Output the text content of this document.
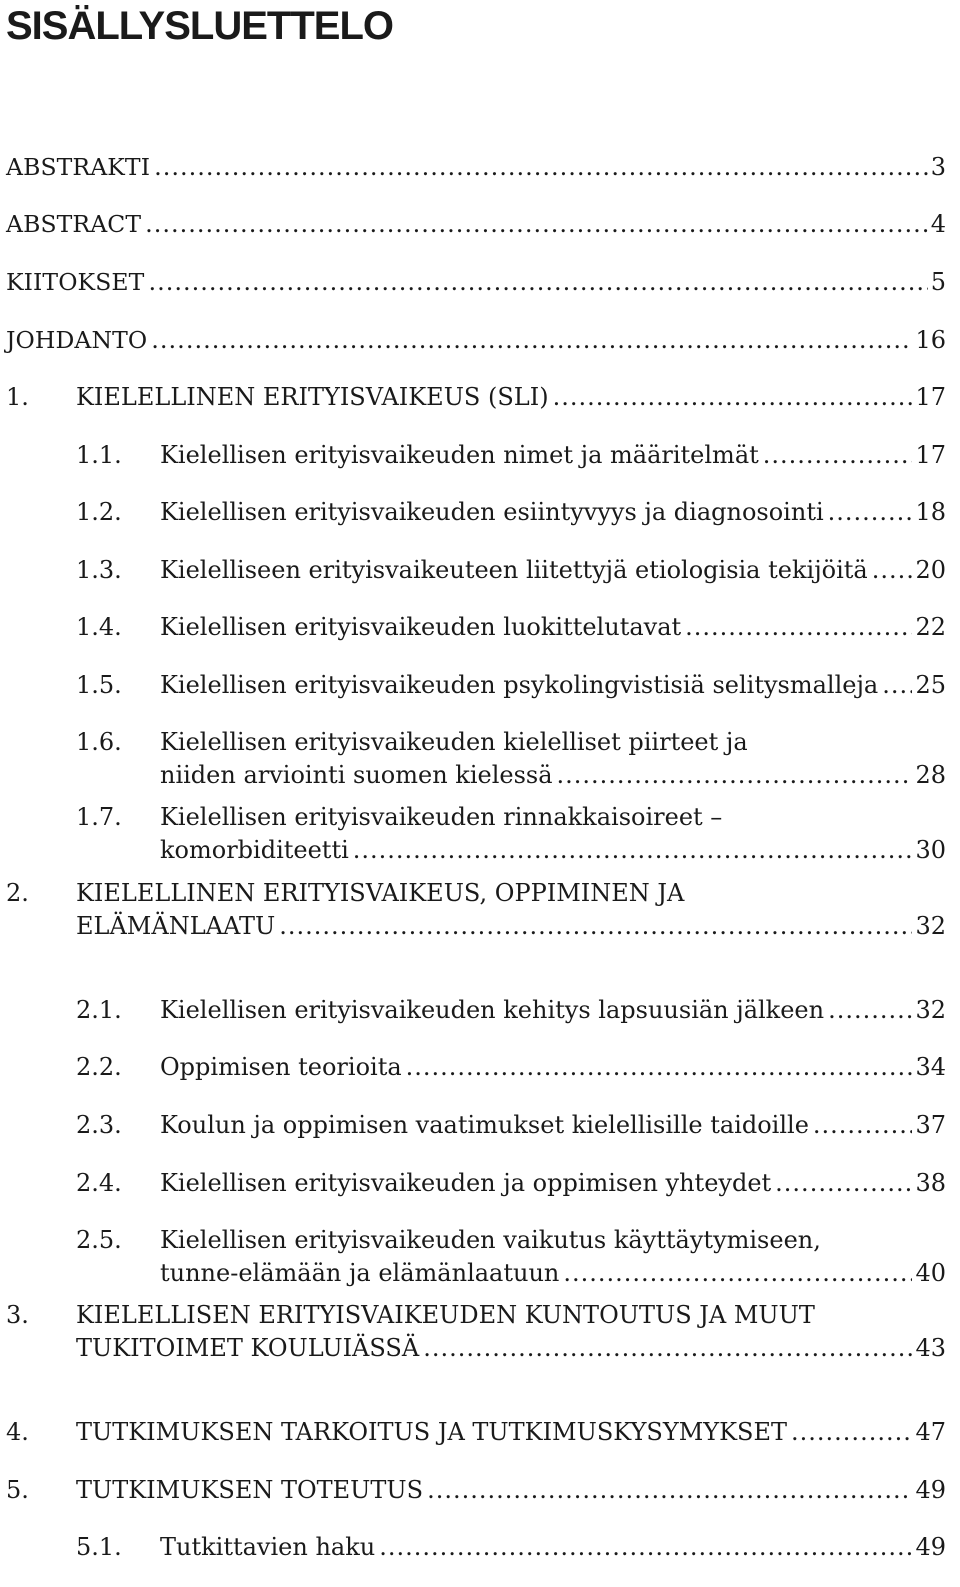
SISÄLLYSLUETTELO
ABSTRAKTI .....	3
ABSTRACT .....	4
KIITOKSET .....	5
JOHDANTO .....	16
1. KIELELLINEN ERITYISVAIKEUS (SLI) .....	17
1.1. Kielellisen erityisvaikeuden nimet ja määritelmät .....	17
1.2. Kielellisen erityisvaikeuden esiintyvyys ja diagnosointi .....	18
1.3. Kielelliseen erityisvaikeuteen liitettyjä etiologisia tekijöitä ..... 20
1.4. Kielellisen erityisvaikeuden luokittelutavat .....	22
1.5. Kielellisen erityisvaikeuden psykolingvistisiä selitysmalleja ..... 25
1.6. Kielellisen erityisvaikeuden kielelliset piirteet ja
niiden arviointi suomen kielessä .....	28
1.7. Kielellisen erityisvaikeuden rinnakkaisoireet –
komorbiditeetti .....	30
2. KIELELLINEN ERITYISVAIKEUS, OPPIMINEN JA
ELÄMÄNLAATU .....	32
2.1. Kielellisen erityisvaikeuden kehitys lapsuusiän jälkeen .....	32
2.2. Oppimisen teorioita .....	34
2.3. Koulun ja oppimisen vaatimukset kielellisille taidoille .....	37
2.4. Kielellisen erityisvaikeuden ja oppimisen yhteydet .....	38
2.5. Kielellisen erityisvaikeuden vaikutus käyttäytymiseen,
tunne-elämään ja elämänlaatuun .....	40
3. KIELELLISEN ERITYISVAIKEUDEN KUNTOUTUS JA MUUT
TUKITOIMET KOULUIÄSSÄ .....	43
4. TUTKIMUKSEN TARKOITUS JA TUTKIMUSKYSYMYKSET .....	47
5. TUTKIMUKSEN TOTEUTUS .....	49
5.1. Tutkittavien haku .....	49
